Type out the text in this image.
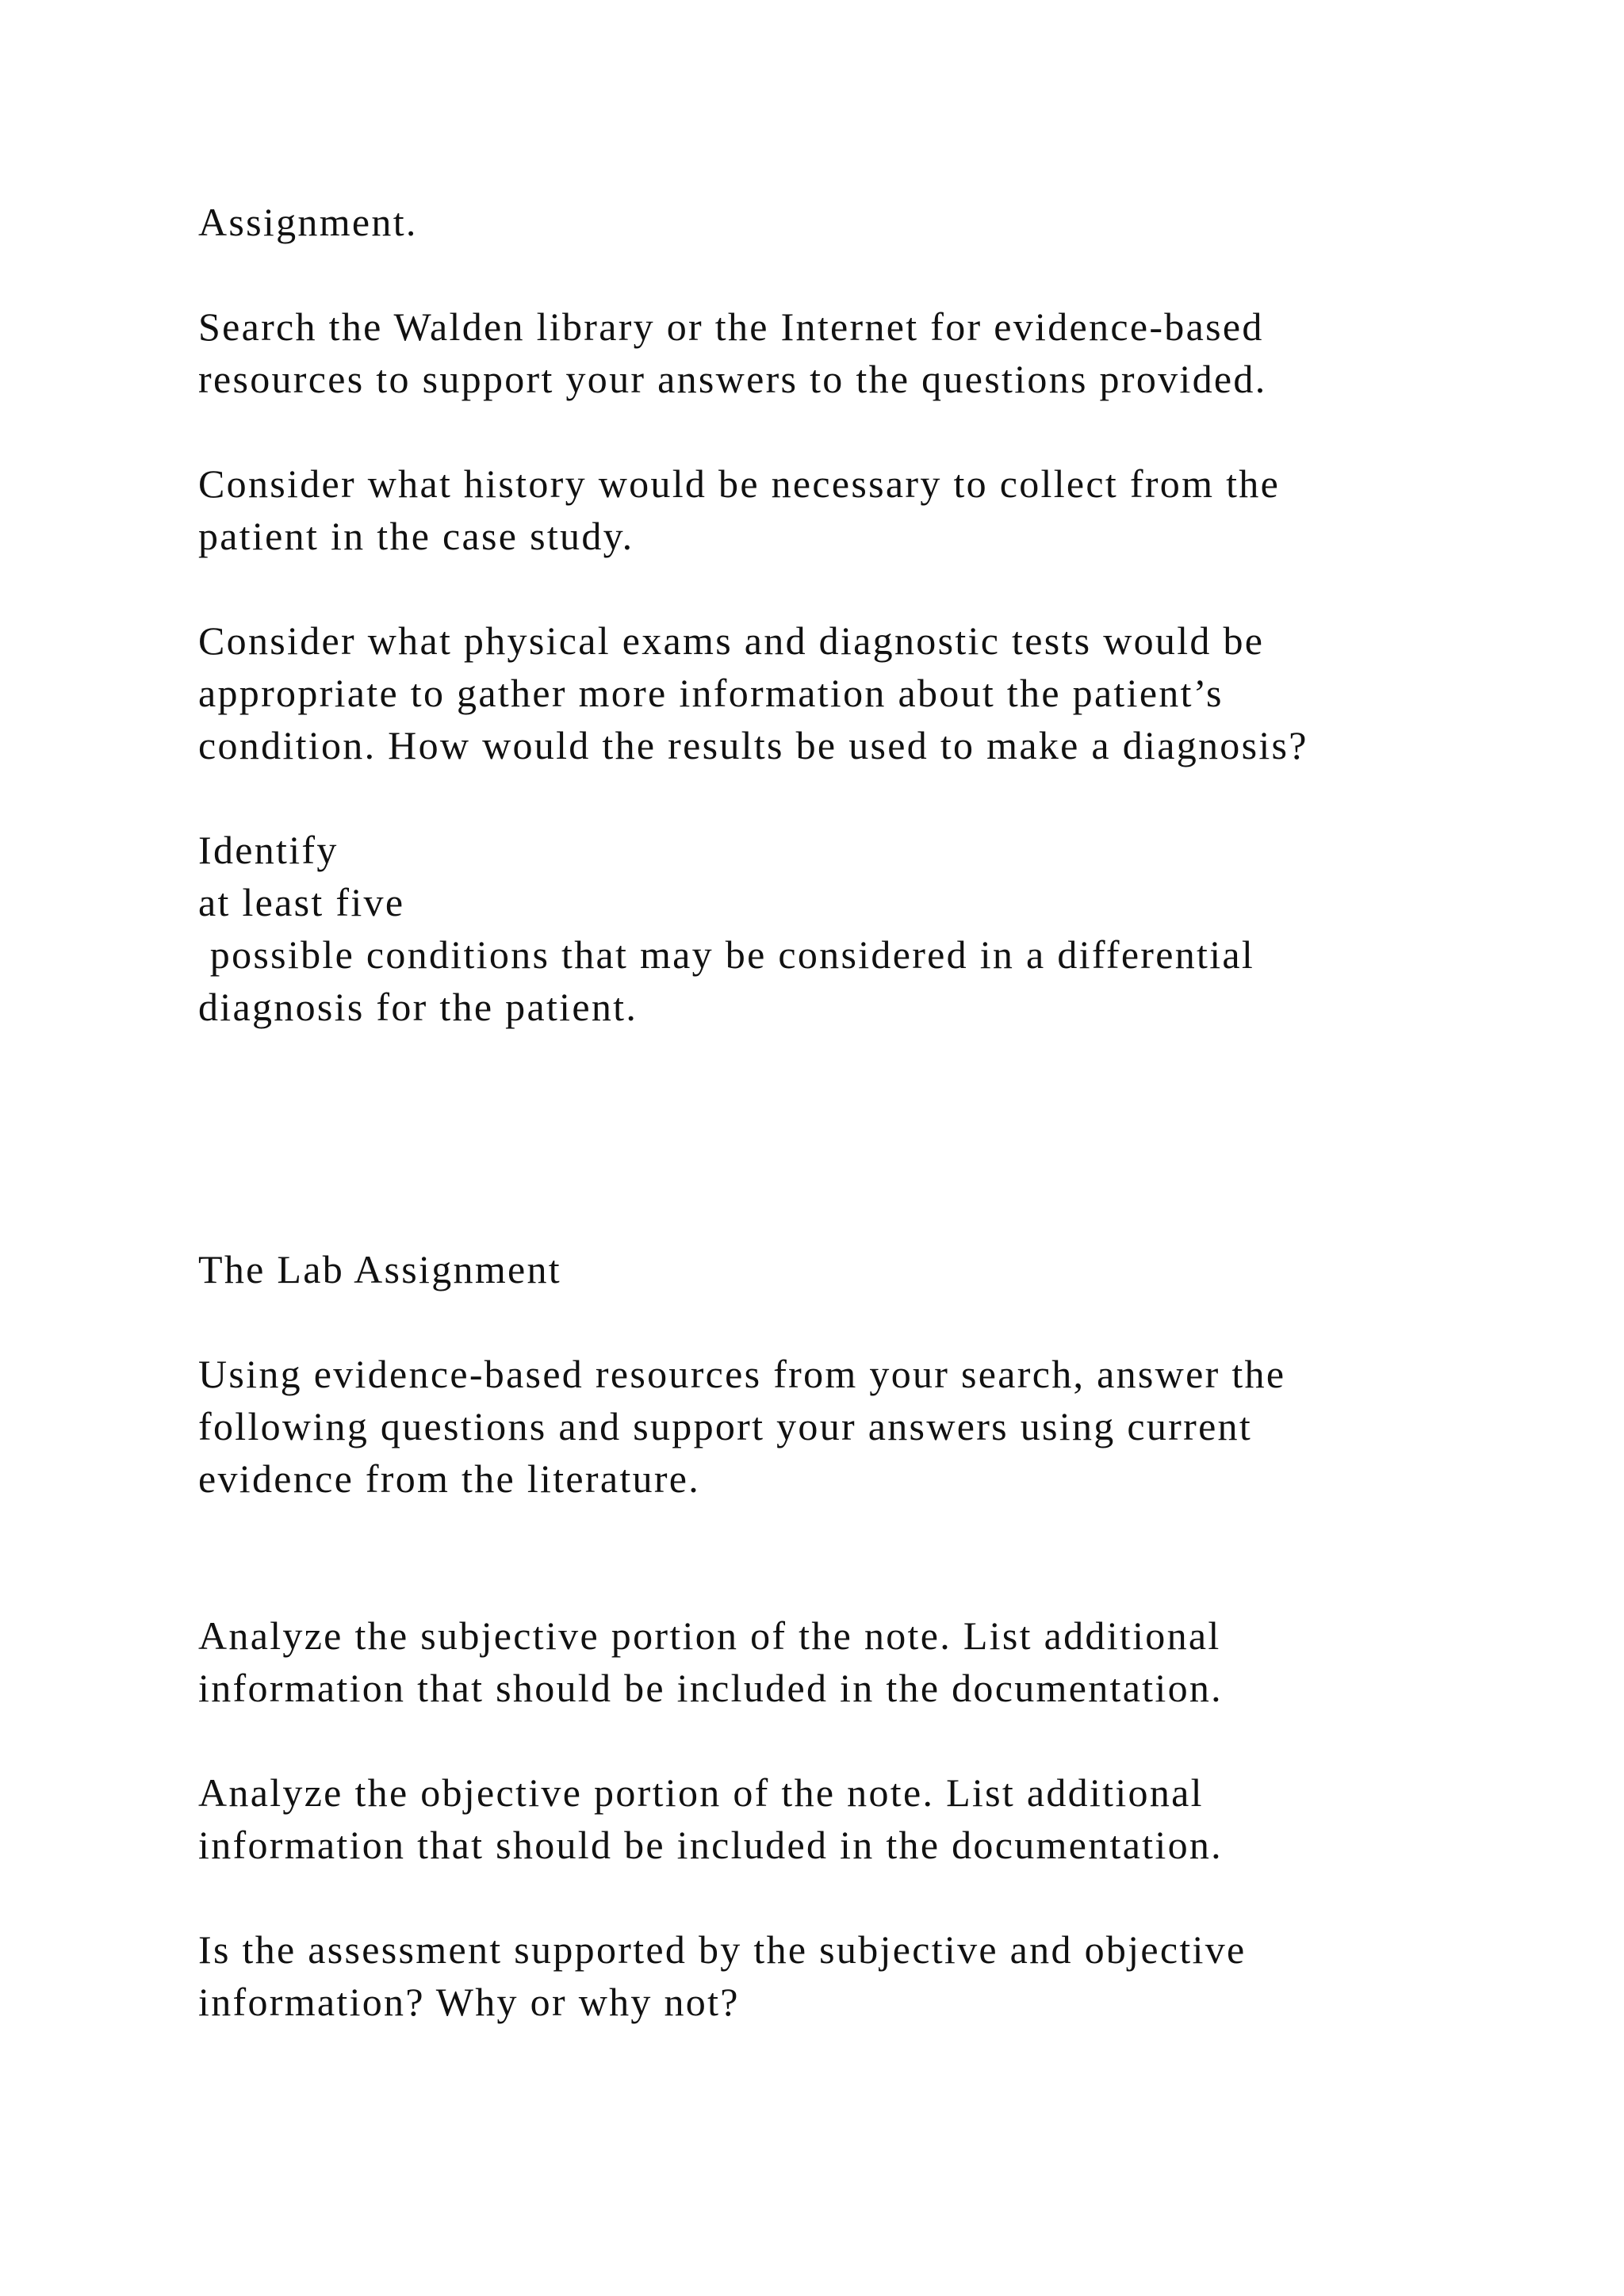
Assignment.
Search the Walden library or the Internet for evidence-based
resources to support your answers to the questions provided.
Consider what history would be necessary to collect from the
patient in the case study.
Consider what physical exams and diagnostic tests would be
appropriate to gather more information about the patient’s
condition. How would the results be used to make a diagnosis?
Identify
at least five
possible conditions that may be considered in a differential
diagnosis for the patient.
The Lab Assignment
Using evidence-based resources from your search, answer the
following questions and support your answers using current
evidence from the literature.
Analyze the subjective portion of the note. List additional
information that should be included in the documentation.
Analyze the objective portion of the note. List additional
information that should be included in the documentation.
Is the assessment supported by the subjective and objective
information? Why or why not?
